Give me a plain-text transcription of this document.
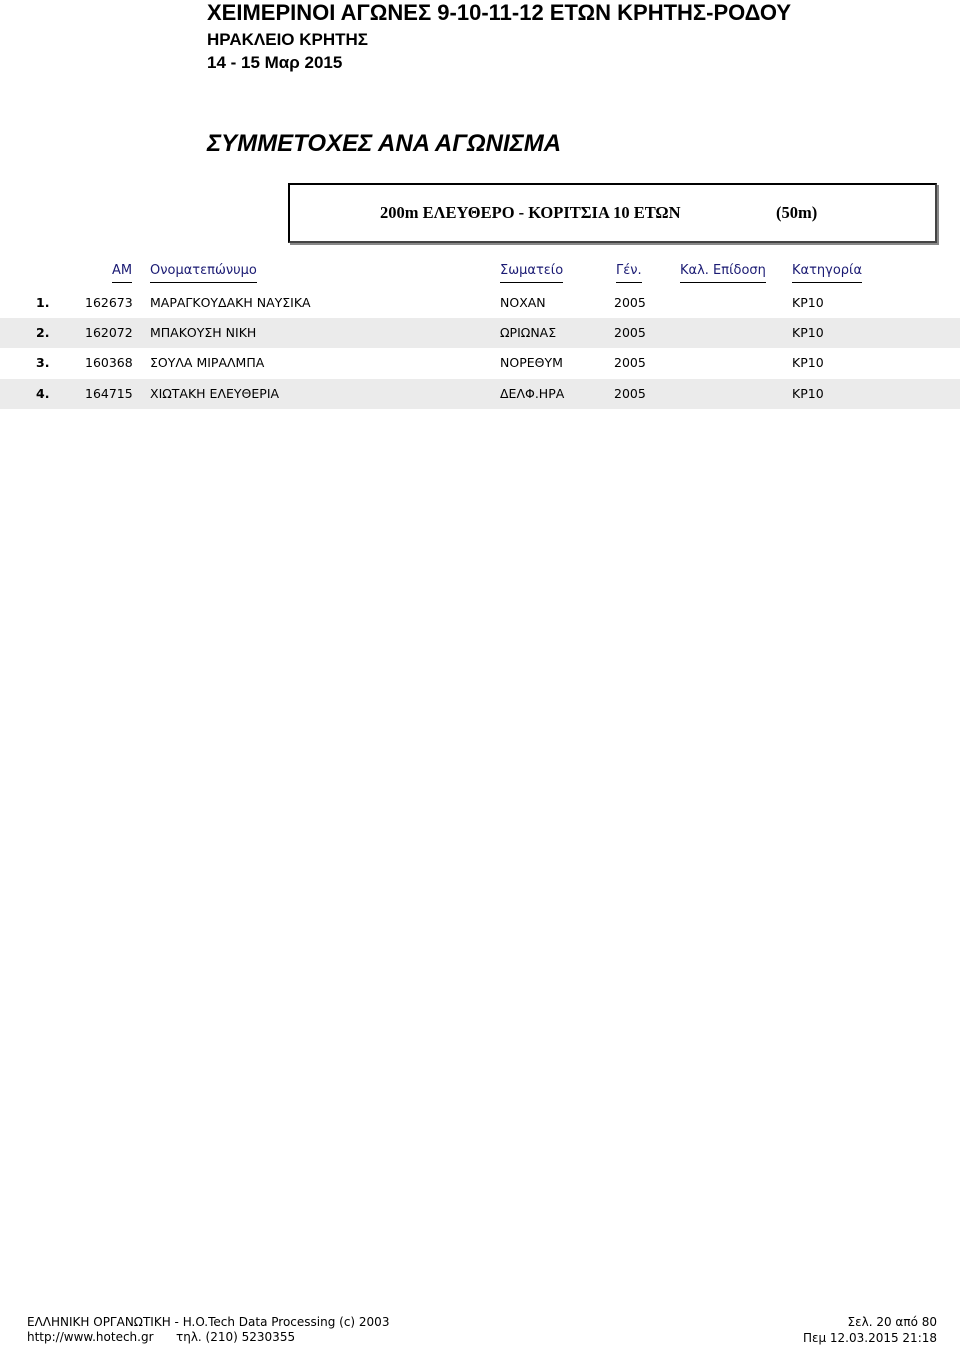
ΧΕΙΜΕΡΙΝΟΙ ΑΓΩΝΕΣ 9-10-11-12 ΕΤΩΝ ΚΡΗΤΗΣ-ΡΟΔΟΥ
ΗΡΑΚΛΕΙΟ ΚΡΗΤΗΣ
14 - 15 Μαρ 2015
ΣΥΜΜΕΤΟΧΕΣ ΑΝΑ ΑΓΩΝΙΣΜΑ
200m ΕΛΕΥΘΕΡΟ - ΚΟΡΙΤΣΙΑ 10 ΕΤΩΝ	(50m)
ΑΜ Ονοματεπώνυμο	Σωματείο	Γέν.	Καλ. Επίδοση Κατηγορία
1.	162673 ΜΑΡΑΓΚΟΥΔΑΚΗ ΝΑΥΣΙΚΑ	ΝΟΧΑΝ	2005	ΚΡ10
2.	162072 ΜΠΑΚΟΥΣΗ ΝΙΚΗ	ΩΡΙΩΝΑΣ	2005	ΚΡ10
3.	160368 ΣΟΥΛΑ ΜΙΡΑΛΜΠΑ	ΝΟΡΕΘΥΜ	2005	ΚΡ10
4.	164715 ΧΙΩΤΑΚΗ ΕΛΕΥΘΕΡΙΑ	ΔΕΛΦ.ΗΡΑ	2005	ΚΡ10
ΕΛΛΗΝΙΚΗ ΟΡΓΑΝΩΤΙΚΗ - H.O.Tech Data Processing (c) 2003
http://www.hotech.gr τηλ. (210) 5230355
Σελ. 20 από 80
Πεμ 12.03.2015 21:18
